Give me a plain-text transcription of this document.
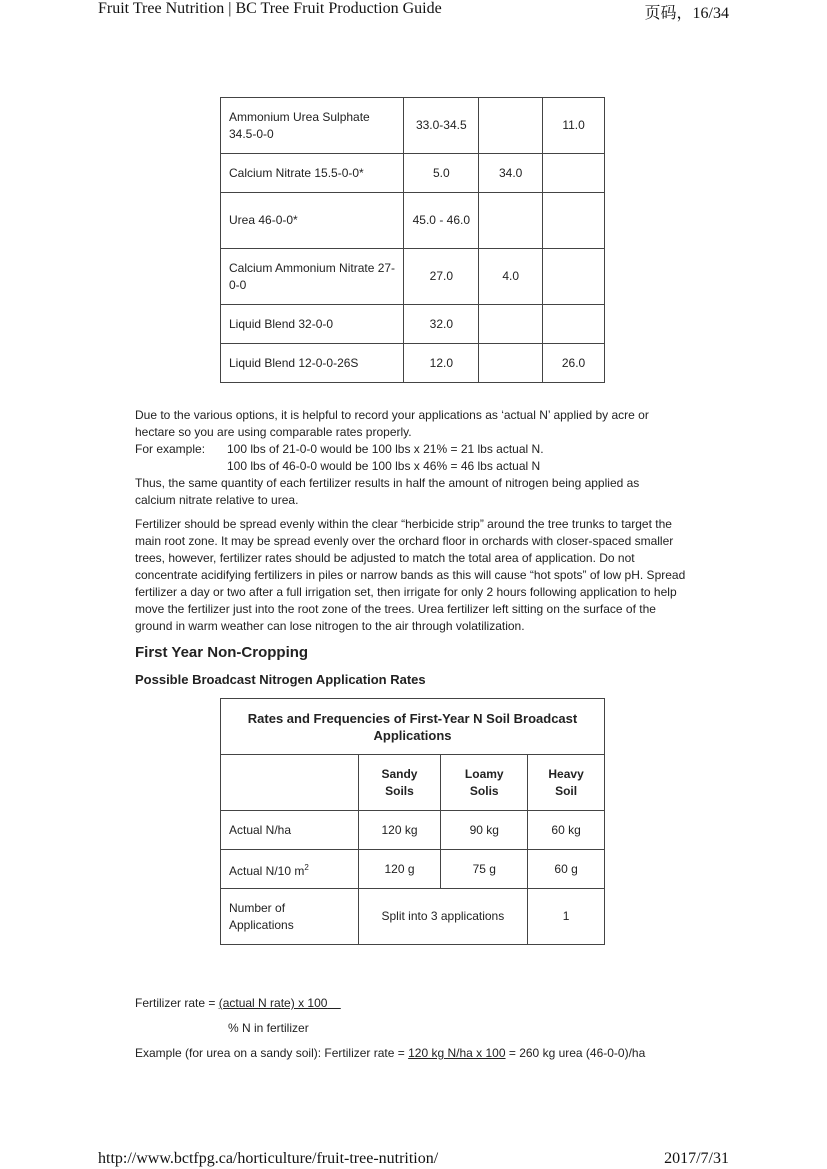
Fruit Tree Nutrition | BC Tree Fruit Production Guide	页码，16/34
Ammonium Urea Sulphate 34.5-0-0	33.0-34.5		11.0
Calcium Nitrate 15.5-0-0*	5.0	34.0	
Urea 46-0-0*	45.0 - 46.0		
Calcium Ammonium Nitrate 27-0-0	27.0	4.0	
Liquid Blend 32-0-0	32.0		
Liquid Blend 12-0-0-26S	12.0		26.0
Due to the various options, it is helpful to record your applications as ‘actual N’ applied by acre or
hectare so you are using comparable rates properly.
For example: 100 lbs of 21-0-0 would be 100 lbs x 21% = 21 lbs actual N.
100 lbs of 46-0-0 would be 100 lbs x 46% = 46 lbs actual N
Thus, the same quantity of each fertilizer results in half the amount of nitrogen being applied as
calcium nitrate relative to urea.
Fertilizer should be spread evenly within the clear “herbicide strip” around the tree trunks to target the main root zone. It may be spread evenly over the orchard floor in orchards with closer-spaced smaller trees, however, fertilizer rates should be adjusted to match the total area of application. Do not concentrate acidifying fertilizers in piles or narrow bands as this will cause “hot spots” of low pH. Spread fertilizer a day or two after a full irrigation set, then irrigate for only 2 hours following application to help move the fertilizer just into the root zone of the trees. Urea fertilizer left sitting on the surface of the ground in warm weather can lose nitrogen to the air through volatilization.
First Year Non-Cropping
Possible Broadcast Nitrogen Application Rates
Rates and Frequencies of First-Year N Soil Broadcast Applications			
	Sandy Soils	Loamy Solis	Heavy Soil
Actual N/ha	120 kg	90 kg	60 kg
Actual N/10 $m^2$	120 g	75 g	60 g
Number of Applications	Split into 3 applications		1
Fertilizer rate = (actual N rate) x 100
% N in fertilizer
Example (for urea on a sandy soil): Fertilizer rate = 120 kg N/ha x 100 = 260 kg urea (46-0-0)/ha
http://www.bctfpg.ca/horticulture/fruit-tree-nutrition/	2017/7/31
